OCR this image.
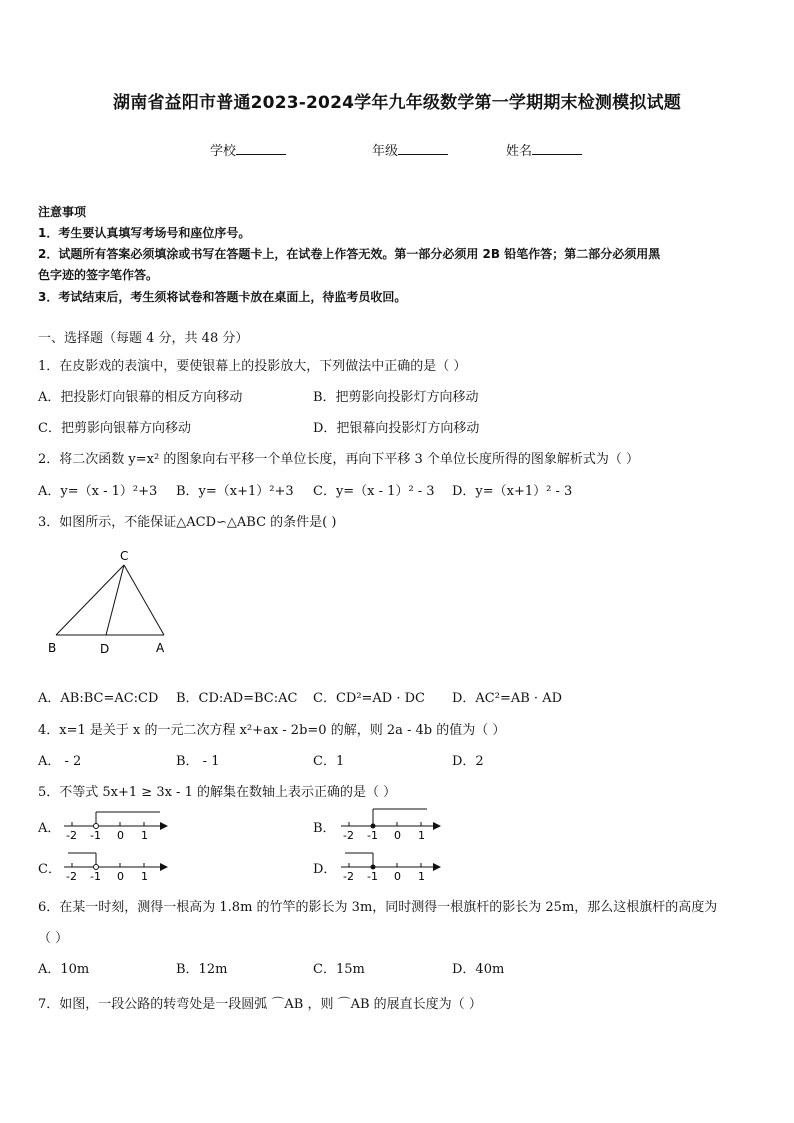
湖南省益阳市普通2023-2024学年九年级数学第一学期期末检测模拟试题
学校	年级	姓名
注意事项
1．考生要认真填写考场号和座位序号。
2．试题所有答案必须填涂或书写在答题卡上，在试卷上作答无效。第一部分必须用 2B 铅笔作答；第二部分必须用黑
色字迹的签字笔作答。
3．考试结束后，考生须将试卷和答题卡放在桌面上，待监考员收回。
一、选择题（每题 4 分，共 48 分）
1．在皮影戏的表演中，要使银幕上的投影放大，下列做法中正确的是（ ）
A．把投影灯向银幕的相反方向移动	B．把剪影向投影灯方向移动
C．把剪影向银幕方向移动	D．把银幕向投影灯方向移动
2．将二次函数 y=x² 的图象向右平移一个单位长度，再向下平移 3 个单位长度所得的图象解析式为（ ）
A．y=（x - 1）²+3 B．y=（x+1）²+3 C．y=（x - 1）² - 3 D．y=（x+1）² - 3
3．如图所示，不能保证△ACD∽△ABC 的条件是( )
C
B	D	A
A．AB:BC=AC:CD B．CD:AD=BC:AC C．CD²=AD · DC D．AC²=AB · AD
4．x=1 是关于 x 的一元二次方程 x²+ax - 2b=0 的解，则 2a - 4b 的值为（ ）
A． - 2	B． - 1	C．1	D．2
5．不等式 5x+1 ≥ 3x - 1 的解集在数轴上表示正确的是（ ）
A． -2 -1 0 1	B． -2 -1 0 1
C． -2 -1 0 1	D． -2 -1 0 1
6．在某一时刻，测得一根高为 1.8m 的竹竿的影长为 3m，同时测得一根旗杆的影长为 25m，那么这根旗杆的高度为
（ ）
A．10m	B．12m	C．15m	D．40m
7．如图，一段公路的转弯处是一段圆弧 ⌒AB ，则 ⌒AB 的展直长度为（ ）
